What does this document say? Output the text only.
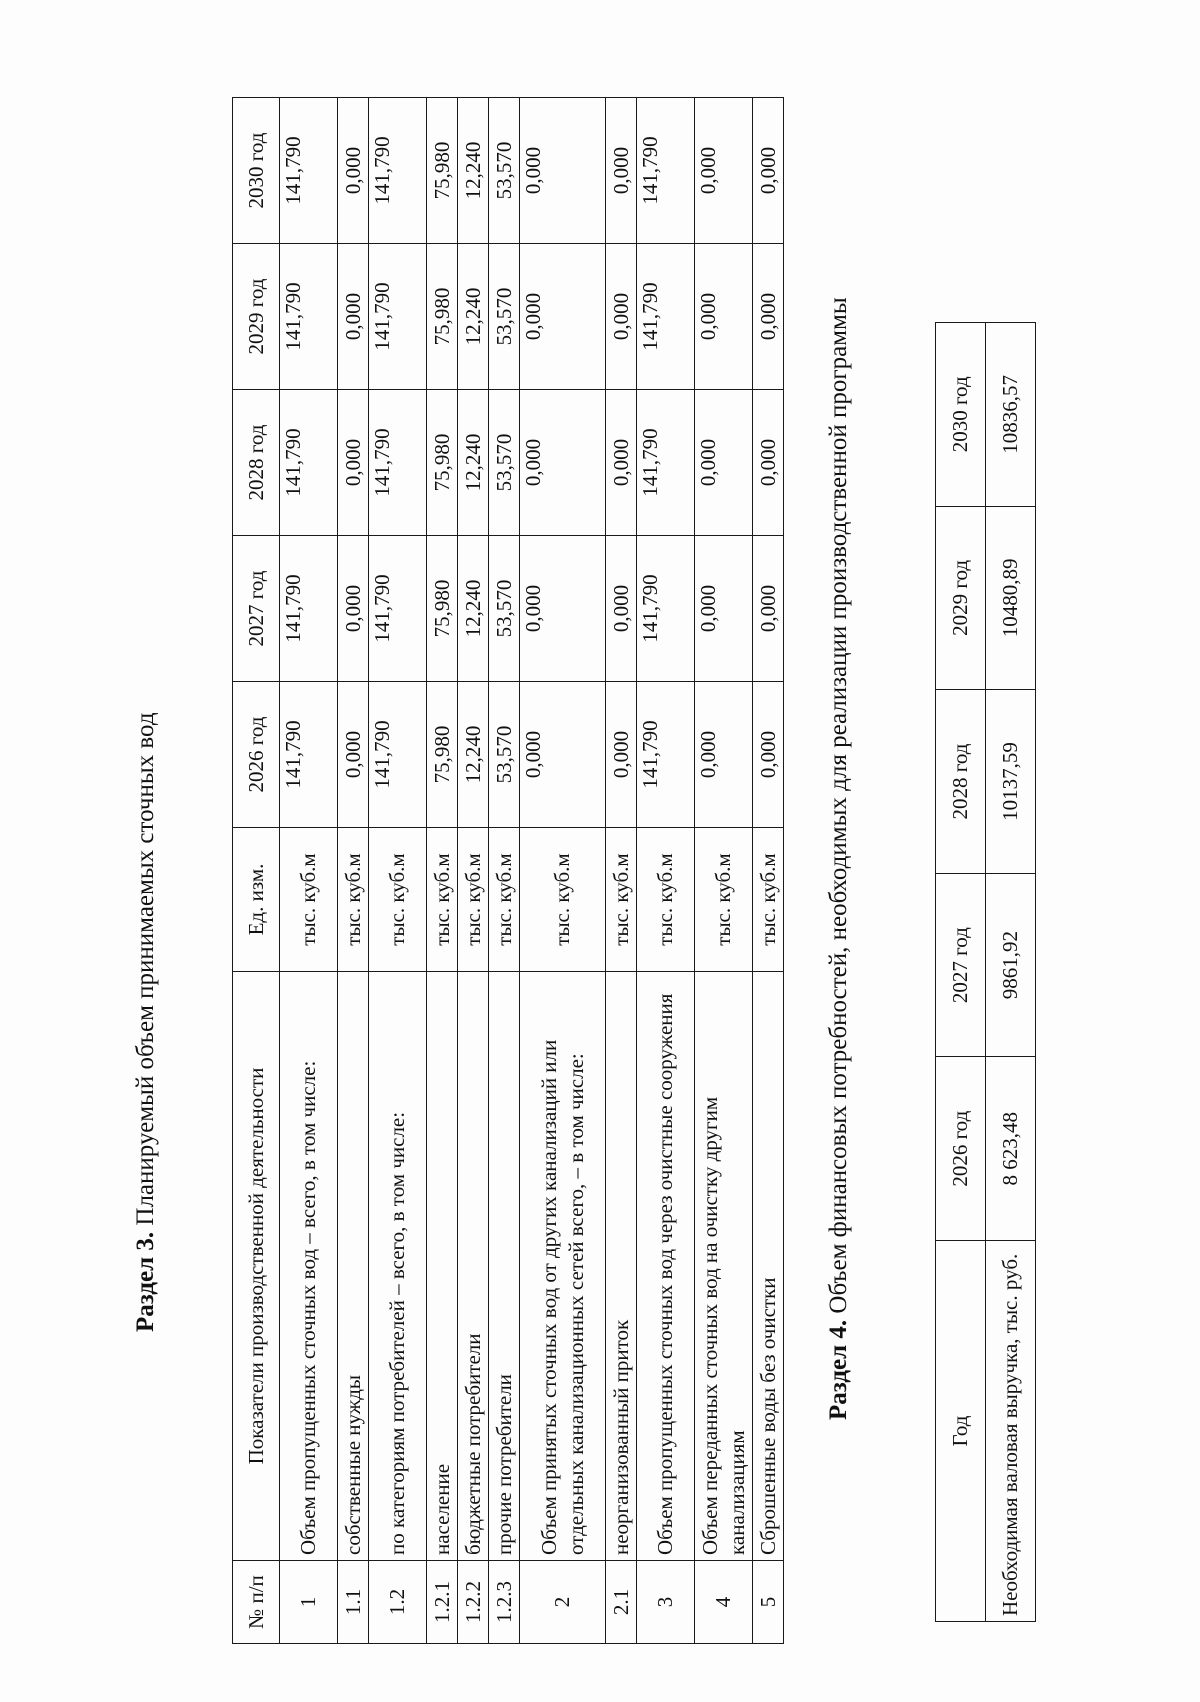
Раздел 3. Планируемый объем принимаемых сточных вод
№ п/п	Показатели производственной деятельности	Ед. изм.	2026 год	2027 год	2028 год	2029 год	2030 год
1	Объем пропущенных сточных вод – всего, в том числе:	тыс. куб.м	141,790	141,790	141,790	141,790	141,790
1.1	собственные нужды	тыс. куб.м	0,000	0,000	0,000	0,000	0,000
1.2	по категориям потребителей – всего, в том числе:	тыс. куб.м	141,790	141,790	141,790	141,790	141,790
1.2.1	население	тыс. куб.м	75,980	75,980	75,980	75,980	75,980
1.2.2	бюджетные потребители	тыс. куб.м	12,240	12,240	12,240	12,240	12,240
1.2.3	прочие потребители	тыс. куб.м	53,570	53,570	53,570	53,570	53,570
2	Объем принятых сточных вод от других канализаций или отдельных канализационных сетей всего, – в том числе:	тыс. куб.м	0,000	0,000	0,000	0,000	0,000
2.1	неорганизованный приток	тыс. куб.м	0,000	0,000	0,000	0,000	0,000
3	Объем пропущенных сточных вод через очистные сооружения	тыс. куб.м	141,790	141,790	141,790	141,790	141,790
4	Объем переданных сточных вод на очистку другим канализациям	тыс. куб.м	0,000	0,000	0,000	0,000	0,000
5	Сброшенные воды без очистки	тыс. куб.м	0,000	0,000	0,000	0,000	0,000
Раздел 4. Объем финансовых потребностей, необходимых для реализации производственной программы
Год	2026 год	2027 год	2028 год	2029 год	2030 год
Необходимая валовая выручка, тыс. руб.	8 623,48	9861,92	10137,59	10480,89	10836,57
